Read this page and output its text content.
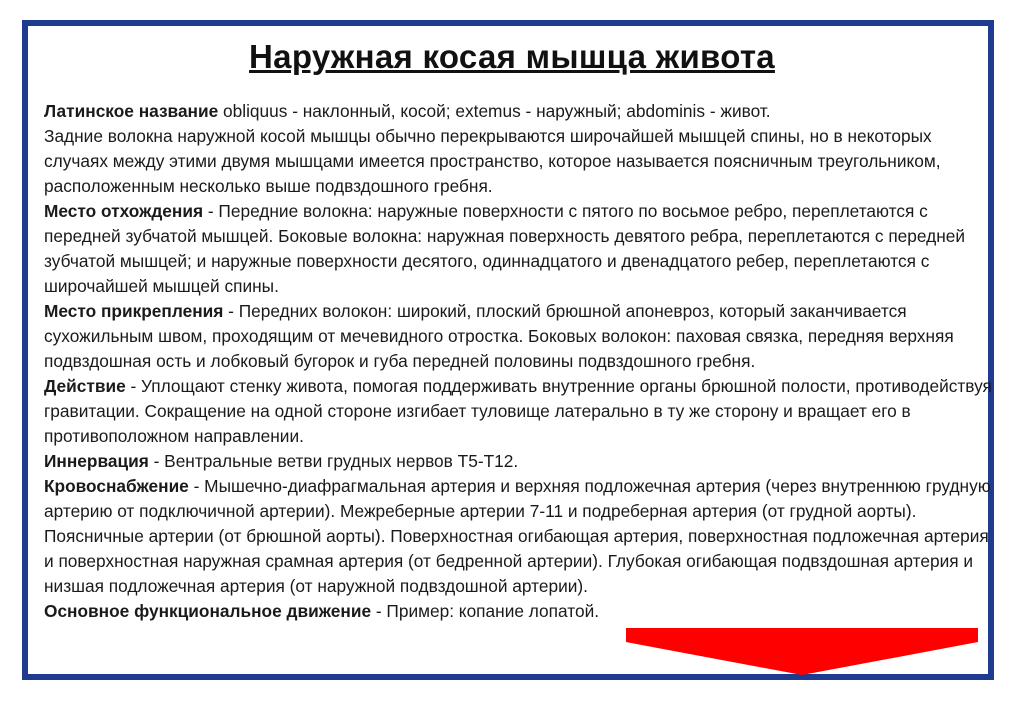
Наружная косая мышца живота

Латинское название obliquus - наклонный, косой; extemus - наружный; abdominis - живот.

Задние волокна наружной косой мышцы обычно перекрываются широчайшей мышцей спины, но в некоторых случаях между этими двумя мышцами имеется пространство, которое называется поясничным треугольником, расположенным несколько выше подвздошного гребня.

Место отхождения - Передние волокна: наружные поверхности с пятого по восьмое ребро, переплетаются с передней зубчатой мышцей. Боковые волокна: наружная поверхность девятого ребра, переплетаются с передней зубчатой мышцей; и наружные поверхности десятого, одиннадцатого и двенадцатого ребер, переплетаются с широчайшей мышцей спины.

Место прикрепления - Передних волокон: широкий, плоский брюшной апоневроз, который заканчивается сухожильным швом, проходящим от мечевидного отростка. Боковых волокон: паховая связка, передняя верхняя подвздошная ость и лобковый бугорок и губа передней половины подвздошного гребня.

Действие - Уплощают стенку живота, помогая поддерживать внутренние органы брюшной полости, противодействуя гравитации. Сокращение на одной стороне изгибает туловище латерально в ту же сторону и вращает его в противоположном направлении.

Иннервация - Вентральные ветви грудных нервов Т5-Т12.

Кровоснабжение - Мышечно-диафрагмальная артерия и верхняя подложечная артерия (через внутреннюю грудную артерию от подключичной артерии). Межреберные артерии 7-11 и подреберная артерия (от грудной аорты). Поясничные артерии (от брюшной аорты). Поверхностная огибающая артерия, поверхностная подложечная артерия и поверхностная наружная срамная артерия (от бедренной артерии). Глубокая огибающая подвздошная артерия и низшая подложечная артерия (от наружной подвздошной артерии).

Основное функциональное движение - Пример: копание лопатой.
